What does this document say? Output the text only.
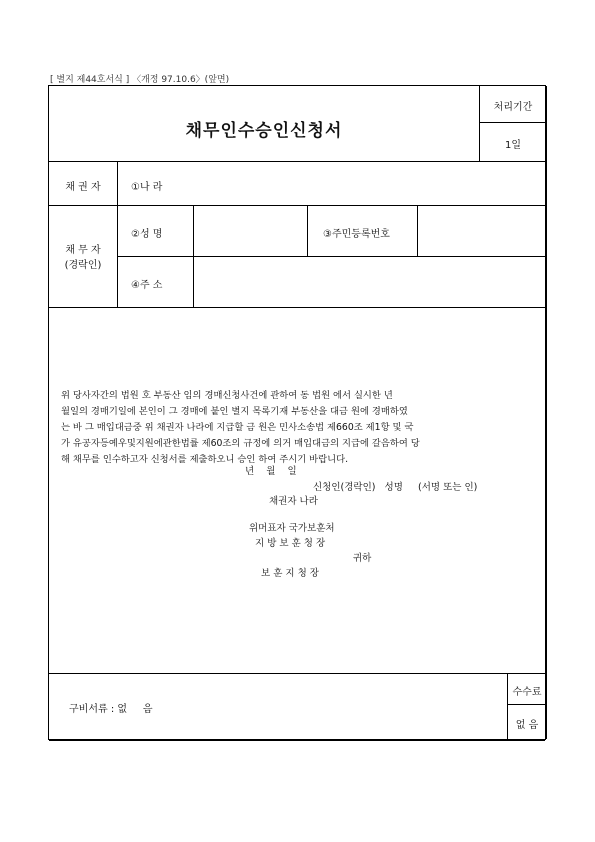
[ 별지 제44호서식 ] 〈개정 97.10.6〉(앞면)
채무인수승인신청서
처리기간
1일
채 권 자	①나 라
채 무 자
(경락인)
②성 명	③주민등록번호
④주 소
위 당사자간의 법원 호 부동산 임의 경매신청사건에 관하여 동 법원 에서 실시한 년
월일의 경매기일에 본인이 그 경매에 붙인 별지 목록기재 부동산을 대금 원에 경매하였
는 바 그 매입대금중 위 채권자 나라에 지급할 금 원은 민사소송법 제660조 제1항 및 국
가 유공자등예우및지원에관한법률 제60조의 규정에 의거 매입대금의 지급에 갈음하여 당
해 채무를 인수하고자 신청서를 제출하오니 승인 하여 주시기 바랍니다.
년    월    일
신청인(경락인)   성명     (서명 또는 인)
채권자 나라
위머표자 국가보훈처
지 방 보 훈 청 장
귀하
보 훈 지 청 장
구비서류 : 없     음
수수료
없 음
